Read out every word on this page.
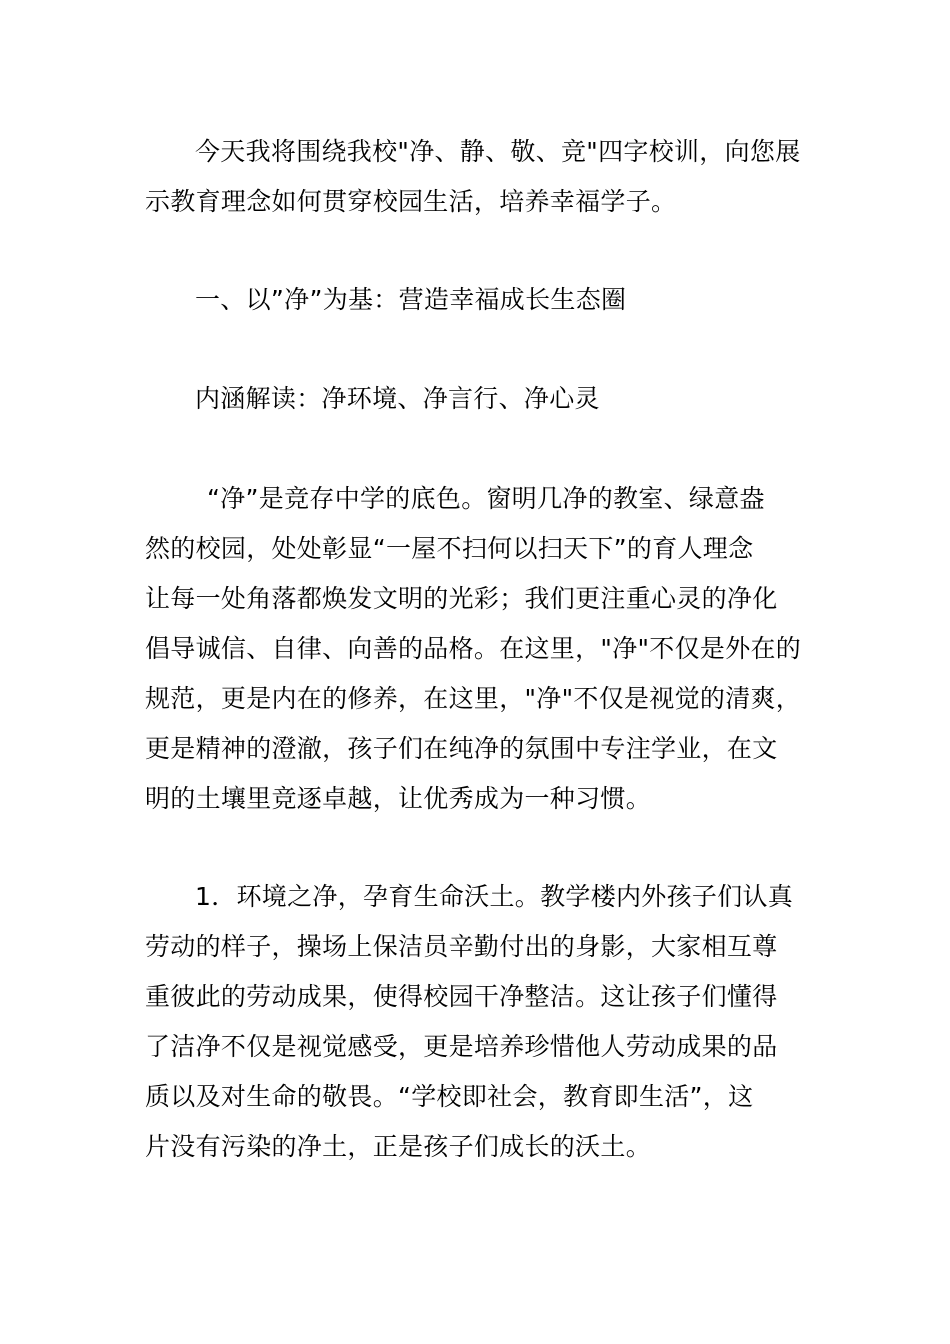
今天我将围绕我校"净、静、敬、竞"四字校训，向您展
示教育理念如何贯穿校园生活，培养幸福学子。
一、以”净”为基：营造幸福成长生态圈
内涵解读：净环境、净言行、净心灵
“净”是竞存中学的底色。窗明几净的教室、绿意盎
然的校园，处处彰显“一屋不扫何以扫天下”的育人理念
让每一处角落都焕发文明的光彩；我们更注重心灵的净化
倡导诚信、自律、向善的品格。在这里，"净"不仅是外在的
规范，更是内在的修养，在这里，"净"不仅是视觉的清爽，
更是精神的澄澈，孩子们在纯净的氛围中专注学业，在文
明的土壤里竞逐卓越，让优秀成为一种习惯。
1．环境之净，孕育生命沃土。教学楼内外孩子们认真
劳动的样子，操场上保洁员辛勤付出的身影，大家相互尊
重彼此的劳动成果，使得校园干净整洁。这让孩子们懂得
了洁净不仅是视觉感受，更是培养珍惜他人劳动成果的品
质以及对生命的敬畏。“学校即社会，教育即生活”，这
片没有污染的净土，正是孩子们成长的沃土。
